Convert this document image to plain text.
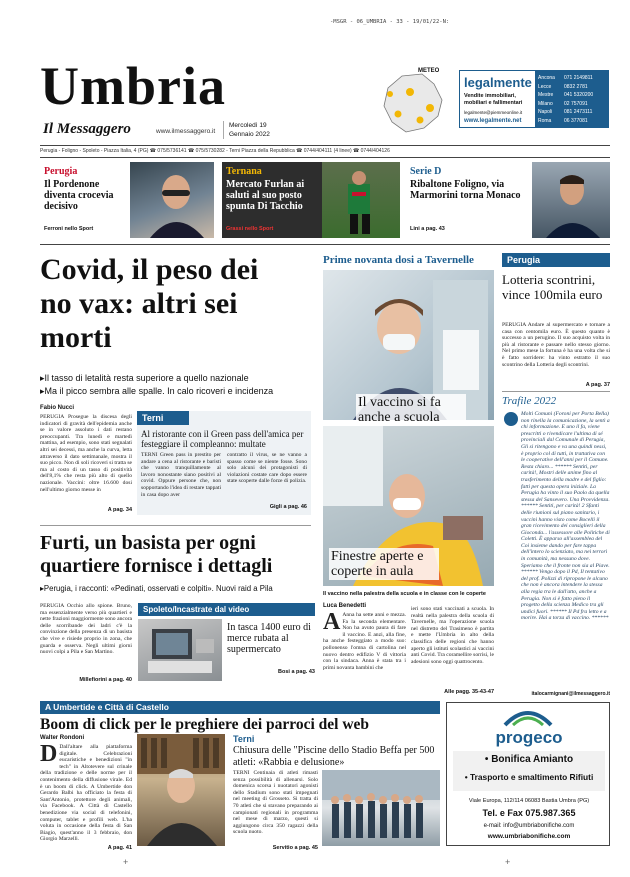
-MSGR - 06_UMBRIA - 33 - 19/01/22-N:
Umbria
Il Messaggero	www.ilmessaggero.it
Mercoledì 19
Gennaio 2022
METEO
legalmente
Vendite immobiliari,
mobiliari e fallimentari
legalmente@piemmeonline.it
www.legalmente.net
Ancona 071 2149811
Lecce	0832 2781
Mestre 041 5320200
Milano 02 757091
Napoli 081 2473111
Roma	06 377081
Perugia - Foligno - Spoleto - Piazza Italia, 4 (PG) ☎ 075/5736141 ☎ 075/5730282 - Terni Piazza della Repubblica ☎ 0744/404111 (4 linee) ☎ 0744/404126
Perugia
Il Pordenone diventa crocevia decisivo
Ferroni nello Sport
Ternana
Mercato Furlan ai saluti al suo posto spunta Di Tacchio
Grassi nello Sport
Serie D
Ribaltone Foligno, via Marmorini torna Monaco
Lini a pag. 43
Covid, il peso dei no vax: altri sei morti
▸Il tasso di letalità resta superiore a quello nazionale
▸Ma il picco sembra alle spalle. In calo ricoveri e incidenza
Fabio Nucci
PERUGIA Prosegue la discesa degli indicatori di gravità dell'epidemia anche se in valore assoluto i dati restano preoccupanti. Tra lunedì e martedì mattina, ad esempio, sono stati segnalati altri sei decessi, ma anche la curva, letta attraverso il dato settimanale, mostra il suo picco. Non di soli ricoveri si tratta se ma al costo di un tasso di positività dell'8,1% che resta più alto di quello nazionale. Vaccini: oltre 16.600 dosi nell'ultimo giorno messe in
A pag. 34
Terni
Al ristorante con il Green pass dell'amica per festeggiare il compleanno: multate
TERNI Green pass in prestito per andare a cena al ristorante e baristi che vanno tranquillamente al lavoro nonostante siano positivi al covid. Oppure persone che, non sopportando l'idea di restare tappati in casa dopo aver
contratto il virus, se ne vanno a spasso come se niente fosse. Sono solo alcuni dei protagonisti di violazioni costate care dopo essere state scoperte dalle forze di polizia.
Gigli a pag. 46
Prime novanta dosi a Tavernelle
Il vaccino si fa anche a scuola
Finestre aperte e coperte in aula
Il vaccino nella palestra della scuola e in classe con le coperte
Luca Benedetti
A Anna ha sette anni e mezza. Fa la seconda elementare. Non ha avuto paura di fare il vaccino. E anzi, alla fine, ha anche festeggiato a modo suo: pollonenso l'omna di cartolina nel nuovo dentro edifizio V di vittoria con la sindaca. Anna è stata tra i primi novanta bambini che
ieri sono stati vaccinati a scuola. In realtà nella palestra della scuola di Tavernelle, ma l'operazione scuola nel distretto del Trasimeno è partita e mette l'Umbria in alto della classifica delle regioni che hanno aperto gli istituti scolastici ai vaccini anti Covid. Tra coramellire sorrisi, le adesioni sono oggi quattrocento.
Alle pagg. 35-43-47
Perugia
Lotteria scontrini, vince 100mila euro
PERUGIA Andare al supermercato e tornare a casa con centomila euro. È questo quanto è successo a un perugino. Il suo acquisto volta in più al ristorante e passare nello stesso giorno. Nel primo mese la fortuna è ha una volta che si è fatto sorridere: ha vinto estratto il suo scontrino della Lotteria degli scontrini.
A pag. 37
Trafile 2022
Molti Comuni (Foroni per Porta Bella) non rinella la comunicazione, la sentì a chi informazione. E uno il fa, viene prescritti o rivendicare l'ultima di sé provinciali dal Comunale di Perugia, Gli si ritengono e va una quindi nessi, è proprio col di tutti, in trattativa con le cooperative dell'anni per il Comune. Resta chiaro... ****** Sentiti, per carità!, Mostri delle anime fino al trasferimento della madre e del figlio: fatti per questa opera iniziale. La Perugia ha vinto il suo Paolo da quella stessa del Sansevero. Una Provvidenza. ****** Sentiti, per carità! 2 Sfanti delle riunioni sul piano sanitario, i vaccini hanno visto come Bocelli il gran ricevimento dei consiglieri della Gioconda... l'assessore alle Politiche di Coletti. È apparso all'assemblea del Coi insieme dando per fare tappa dell'intero lo scienziato, ma nei terrori in comunità, ma nessuno dove. Speriamo che il fronte non sia al Piave. ****** Vengo dopo il Pd, Il tentativo del prof. Polizzi di ripropone le alcuno che non è ancora intendere la stessa alla regia tra le dall'atto, anche a Perugia. Non si è fatto pieno il progetto della scienza Medico tra gli undici fuori. ****** Il Pd fra letto e a morire. Hai a torza di vaccino. ******
italocarmignani@ilmessaggero.it
Furti, un basista per ogni quartiere fornisce i dettagli
▸Perugia, i racconti: «Pedinati, osservati e colpiti». Nuovi raid a Pila
PERUGIA Occhio allo spione. Bruno, ma essenzialmente verso più quartieri e nette frazioni maggiormente sono ancora delle scorribande dei ladri c'è la convinzione della presenza di un basista che vive e risiede proprio in zona, che guarda e osserva. Negli ultimi giorni nuovi colpi a Pila e San Martino.
Millefiorini a pag. 40
Spoleto/Incastrate dal video
In tasca 1400 euro di merce rubata al supermercato
Bosi a pag. 43
A Umbertide e Città di Castello
Boom di click per le preghiere dei parroci del web
Walter Rondoni
D Dall'altare alla piattaforma digitale. Celebrazioni eucaristiche e benedizioni "in tech" in Altotevere sul crinale della tradizione e delle norme per il contenimento della diffusione virale. Ed è un boom di click. A Umbertide don Gerardo Balbi ha officiato la festa di Sant'Antonio, protettore degli animali, via Facebook. A Città di Castello benedizione via social di telefonini, computer, tablet e profili web. L'ha voluta in occasione della festa di San Biagio, quest'anno il 3 febbraio, don Giorgio Marzelli.
A pag. 41
Terni
Chiusura delle "Piscine dello Stadio Beffa per 500 atleti: «Rabbia e delusione»
TERNI Centinaia di atleti rimasti senza possibilità di allenarsi. Solo domenica scorsa i nuotatori agonisti dello Stadium sono stati impegnati nel meeting di Grosseto. Si tratta di 70 atleti che si stavano preparando ai campionati regionali in programma nel mese di marzo, questi si aggiungono circa 350 ragazzi della scuola nuoto.
Servitio a pag. 45
progeco
• Bonifica Amianto
• Trasporto e smaltimento Rifiuti
Viale Europa, 112/114 06083 Bastia Umbra (PG)
Tel. e Fax 075.987.365
e-mail: info@umbriabonifiche.com
www.umbriabonifiche.com
+	+
